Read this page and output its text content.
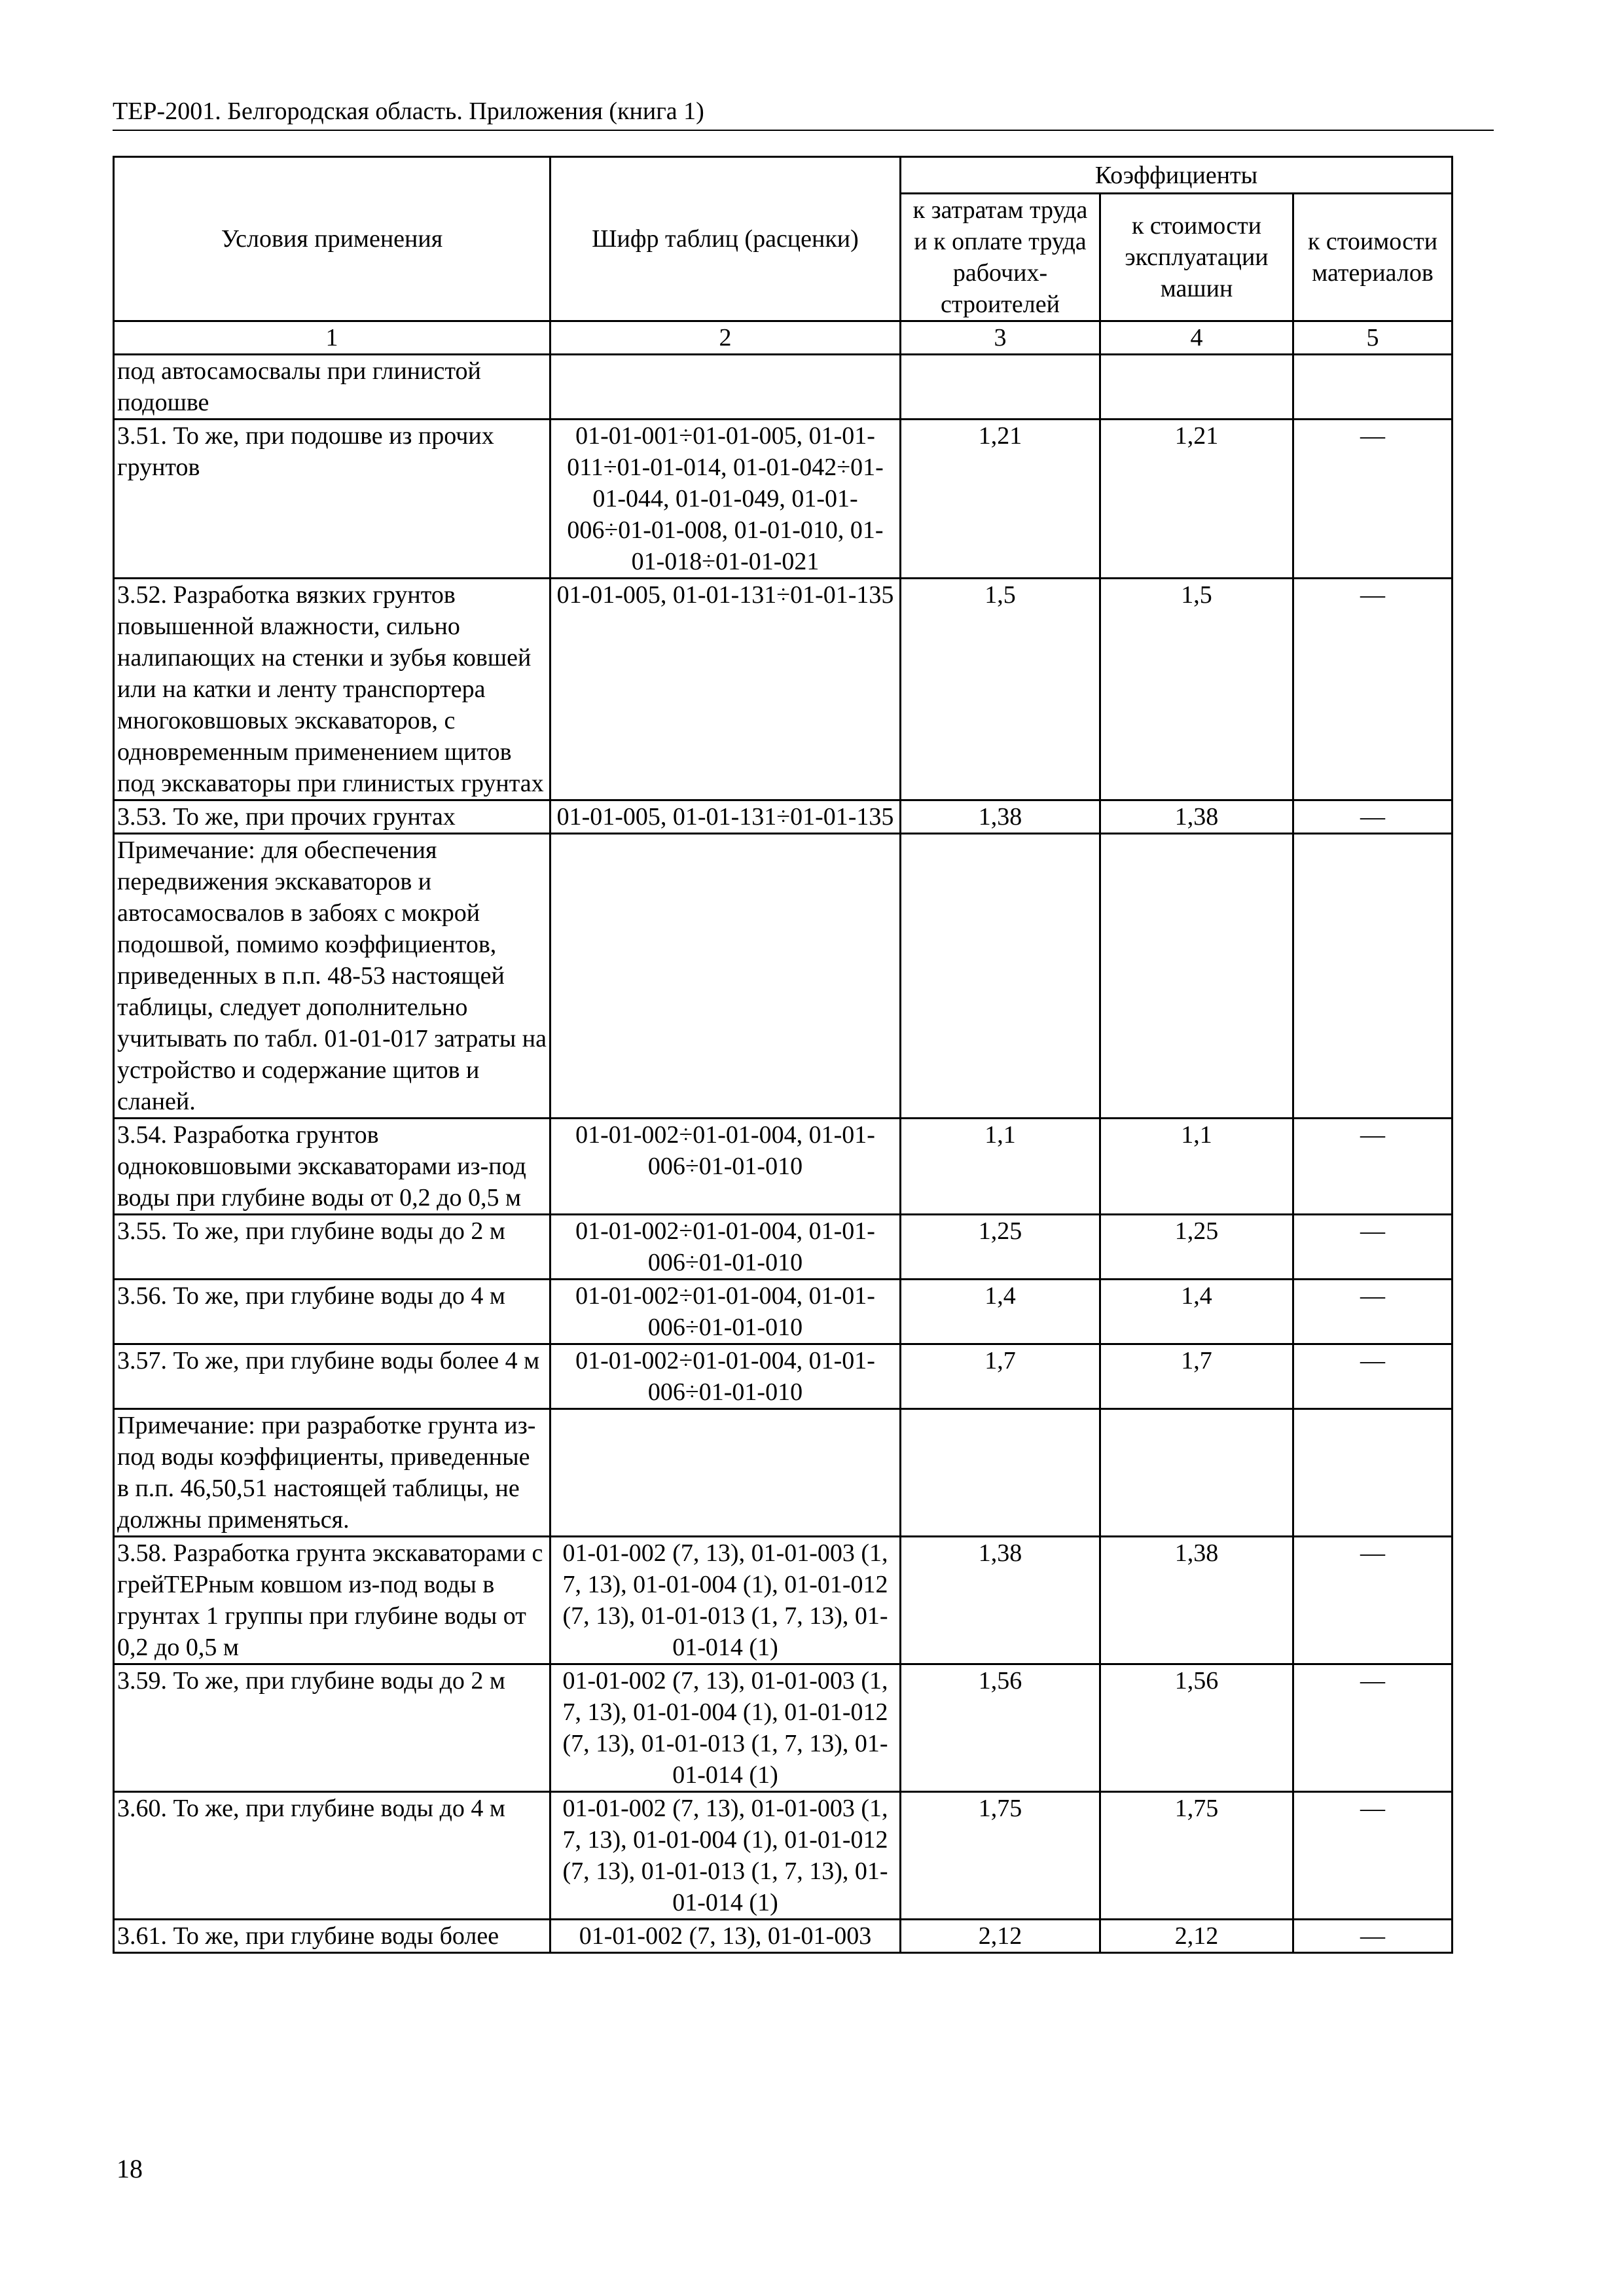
ТЕР-2001. Белгородская область. Приложения (книга 1)
Условия применения	Шифр таблиц (расценки)	Коэффициенты		
		к затратам труда и к оплате труда рабочих-строителей	к стоимости эксплуатации машин	к стоимости материалов
1	2	3	4	5
под автосамосвалы при глинистой подошве				
3.51. То же, при подошве из прочих грунтов	01-01-001÷01-01-005, 01-01-011÷01-01-014, 01-01-042÷01-01-044, 01-01-049, 01-01-006÷01-01-008, 01-01-010, 01-01-018÷01-01-021	1,21	1,21	—
3.52. Разработка вязких грунтов повышенной влажности, сильно налипающих на стенки и зубья ковшей или на катки и ленту транспортера многоковшовых экскаваторов, с одновременным применением щитов под экскаваторы при глинистых грунтах	01-01-005, 01-01-131÷01-01-135	1,5	1,5	—
3.53. То же, при прочих грунтах	01-01-005, 01-01-131÷01-01-135	1,38	1,38	—
Примечание: для обеспечения передвижения экскаваторов и автосамосвалов в забоях с мокрой подошвой, помимо коэффициентов, приведенных в п.п. 48-53 настоящей таблицы, следует дополнительно учитывать по табл. 01-01-017 затраты на устройство и содержание щитов и сланей.				
3.54. Разработка грунтов одноковшовыми экскаваторами из-под воды при глубине воды от 0,2 до 0,5 м	01-01-002÷01-01-004, 01-01-006÷01-01-010	1,1	1,1	—
3.55. То же, при глубине воды до 2 м	01-01-002÷01-01-004, 01-01-006÷01-01-010	1,25	1,25	—
3.56. То же, при глубине воды до 4 м	01-01-002÷01-01-004, 01-01-006÷01-01-010	1,4	1,4	—
3.57. То же, при глубине воды более 4 м	01-01-002÷01-01-004, 01-01-006÷01-01-010	1,7	1,7	—
Примечание: при разработке грунта из-под воды коэффициенты, приведенные в п.п. 46,50,51 настоящей таблицы, не должны применяться.				
3.58. Разработка грунта экскаваторами с грейТЕРным ковшом из-под воды в грунтах 1 группы при глубине воды от 0,2 до 0,5 м	01-01-002 (7, 13), 01-01-003 (1, 7, 13), 01-01-004 (1), 01-01-012 (7, 13), 01-01-013 (1, 7, 13), 01-01-014 (1)	1,38	1,38	—
3.59. То же, при глубине воды до 2 м	01-01-002 (7, 13), 01-01-003 (1, 7, 13), 01-01-004 (1), 01-01-012 (7, 13), 01-01-013 (1, 7, 13), 01-01-014 (1)	1,56	1,56	—
3.60. То же, при глубине воды до 4 м	01-01-002 (7, 13), 01-01-003 (1, 7, 13), 01-01-004 (1), 01-01-012 (7, 13), 01-01-013 (1, 7, 13), 01-01-014 (1)	1,75	1,75	—
3.61. То же, при глубине воды более	01-01-002 (7, 13), 01-01-003	2,12	2,12	—
18
